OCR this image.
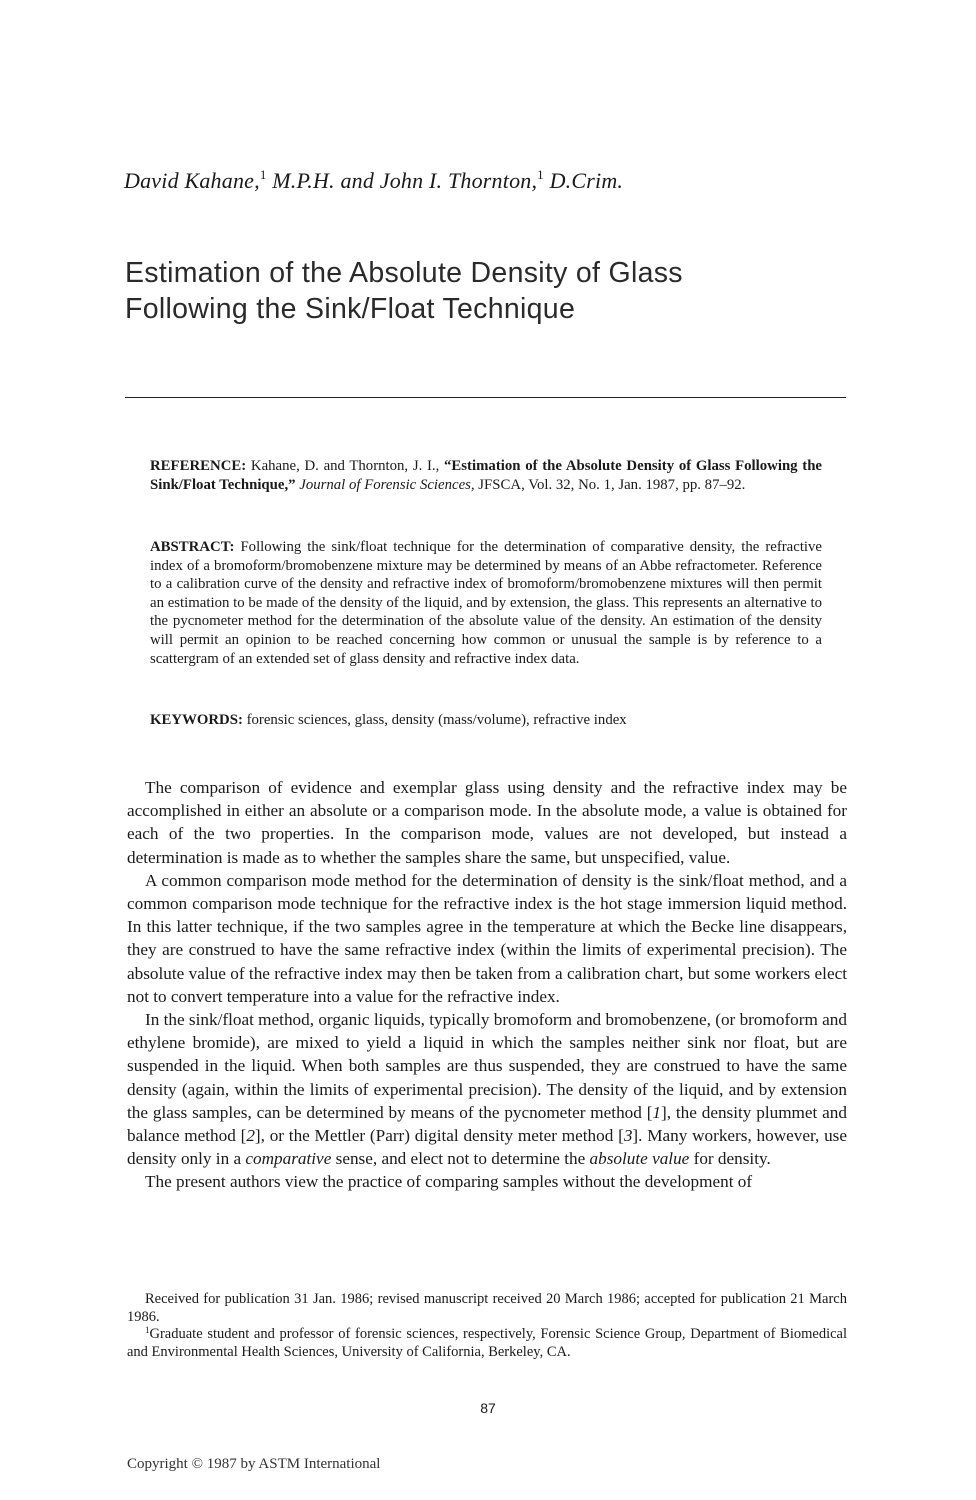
David Kahane,$^1$ M.P.H. and John I. Thornton,$^1$ D.Crim.
Estimation of the Absolute Density of Glass
Following the Sink/Float Technique
REFERENCE: Kahane, D. and Thornton, J. I., “Estimation of the Absolute Density of Glass Following the Sink/Float Technique,” Journal of Forensic Sciences, JFSCA, Vol. 32, No. 1, Jan. 1987, pp. 87–92.
ABSTRACT: Following the sink/float technique for the determination of comparative density, the refractive index of a bromoform/bromobenzene mixture may be determined by means of an Abbe refractometer. Reference to a calibration curve of the density and refractive index of bromoform/bromobenzene mixtures will then permit an estimation to be made of the density of the liquid, and by extension, the glass. This represents an alternative to the pycnometer method for the determination of the absolute value of the density. An estimation of the density will permit an opinion to be reached concerning how common or unusual the sample is by reference to a scattergram of an extended set of glass density and refractive index data.
KEYWORDS: forensic sciences, glass, density (mass/volume), refractive index

The comparison of evidence and exemplar glass using density and the refractive index may be accomplished in either an absolute or a comparison mode. In the absolute mode, a value is obtained for each of the two properties. In the comparison mode, values are not developed, but instead a determination is made as to whether the samples share the same, but unspecified, value.

A common comparison mode method for the determination of density is the sink/float method, and a common comparison mode technique for the refractive index is the hot stage immersion liquid method. In this latter technique, if the two samples agree in the temperature at which the Becke line disappears, they are construed to have the same refractive index (within the limits of experimental precision). The absolute value of the refractive index may then be taken from a calibration chart, but some workers elect not to convert temperature into a value for the refractive index.

In the sink/float method, organic liquids, typically bromoform and bromobenzene, (or bromoform and ethylene bromide), are mixed to yield a liquid in which the samples neither sink nor float, but are suspended in the liquid. When both samples are thus suspended, they are construed to have the same density (again, within the limits of experimental precision). The density of the liquid, and by extension the glass samples, can be determined by means of the pycnometer method [1], the density plummet and balance method [2], or the Mettler (Parr) digital density meter method [3]. Many workers, however, use density only in a comparative sense, and elect not to determine the absolute value for density.

The present authors view the practice of comparing samples without the development of

Received for publication 31 Jan. 1986; revised manuscript received 20 March 1986; accepted for publication 21 March 1986.

$^1$Graduate student and professor of forensic sciences, respectively, Forensic Science Group, Department of Biomedical and Environmental Health Sciences, University of California, Berkeley, CA.

87
Copyright © 1987 by ASTM International
